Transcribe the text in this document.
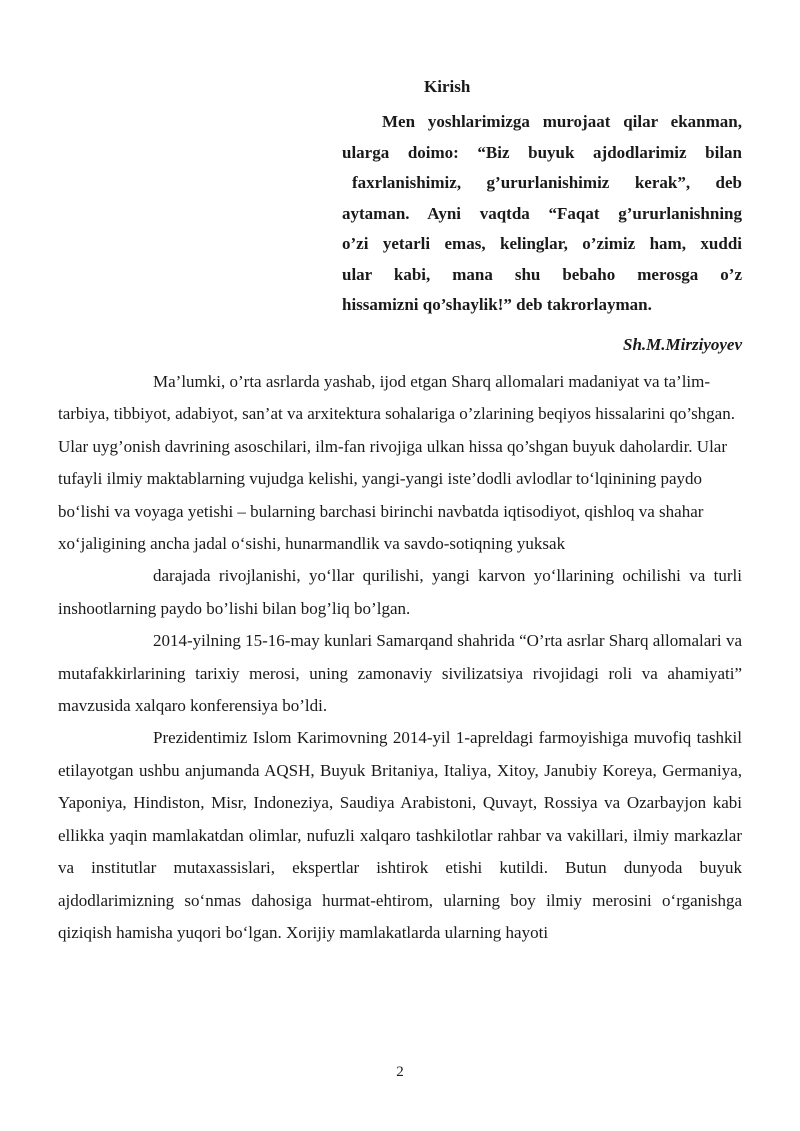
Kirish
Men yoshlarimizga murojaat qilar ekanman,
ularga doimo: “Biz buyuk ajdodlarimiz bilan
faxrlanishimiz, g’ururlanishimiz kerak”, deb
aytaman. Ayni vaqtda “Faqat g’ururlanishning
o’zi yetarli emas, kelinglar, o’zimiz ham, xuddi
ular kabi, mana shu bebaho merosga o’z
hissamizni qo’shaylik!” deb takrorlayman.
Sh.M.Mirziyoyev

Ma’lumki, o’rta asrlarda yashab, ijod etgan Sharq allomalari madaniyat va ta’lim-tarbiya, tibbiyot, adabiyot, san’at va arxitektura sohalariga o’zlarining beqiyos hissalarini qo’shgan. Ular uyg’onish davrining asoschilari, ilm-fan rivojiga ulkan hissa qo’shgan buyuk daholardir. Ular tufayli ilmiy maktablarning vujudga kelishi, yangi-yangi iste’dodli avlodlar to‘lqinining paydo bo‘lishi va voyaga yetishi – bularning barchasi birinchi navbatda iqtisodiyot, qishloq va shahar xo‘jaligining ancha jadal o‘sishi, hunarmandlik va savdo-sotiqning yuksak

darajada rivojlanishi, yo‘llar qurilishi, yangi karvon yo‘llarining ochilishi va turli inshootlarning paydo bo’lishi bilan bog’liq bo’lgan.

2014-yilning 15-16-may kunlari Samarqand shahrida “O’rta asrlar Sharq allomalari va mutafakkirlarining tarixiy merosi, uning zamonaviy sivilizatsiya rivojidagi roli va ahamiyati” mavzusida xalqaro konferensiya bo’ldi.

Prezidentimiz Islom Karimovning 2014-yil 1-apreldagi farmoyishiga muvofiq tashkil etilayotgan ushbu anjumanda AQSH, Buyuk Britaniya, Italiya, Xitoy, Janubiy Koreya, Germaniya, Yaponiya, Hindiston, Misr, Indoneziya, Saudiya Arabistoni, Quvayt, Rossiya va Ozarbayjon kabi ellikka yaqin mamlakatdan olimlar, nufuzli xalqaro tashkilotlar rahbar va vakillari, ilmiy markazlar va institutlar mutaxassislari, ekspertlar ishtirok etishi kutildi. Butun dunyoda buyuk ajdodlarimizning so‘nmas dahosiga hurmat-ehtirom, ularning boy ilmiy merosini o‘rganishga qiziqish hamisha yuqori bo‘lgan. Xorijiy mamlakatlarda ularning hayoti

2
